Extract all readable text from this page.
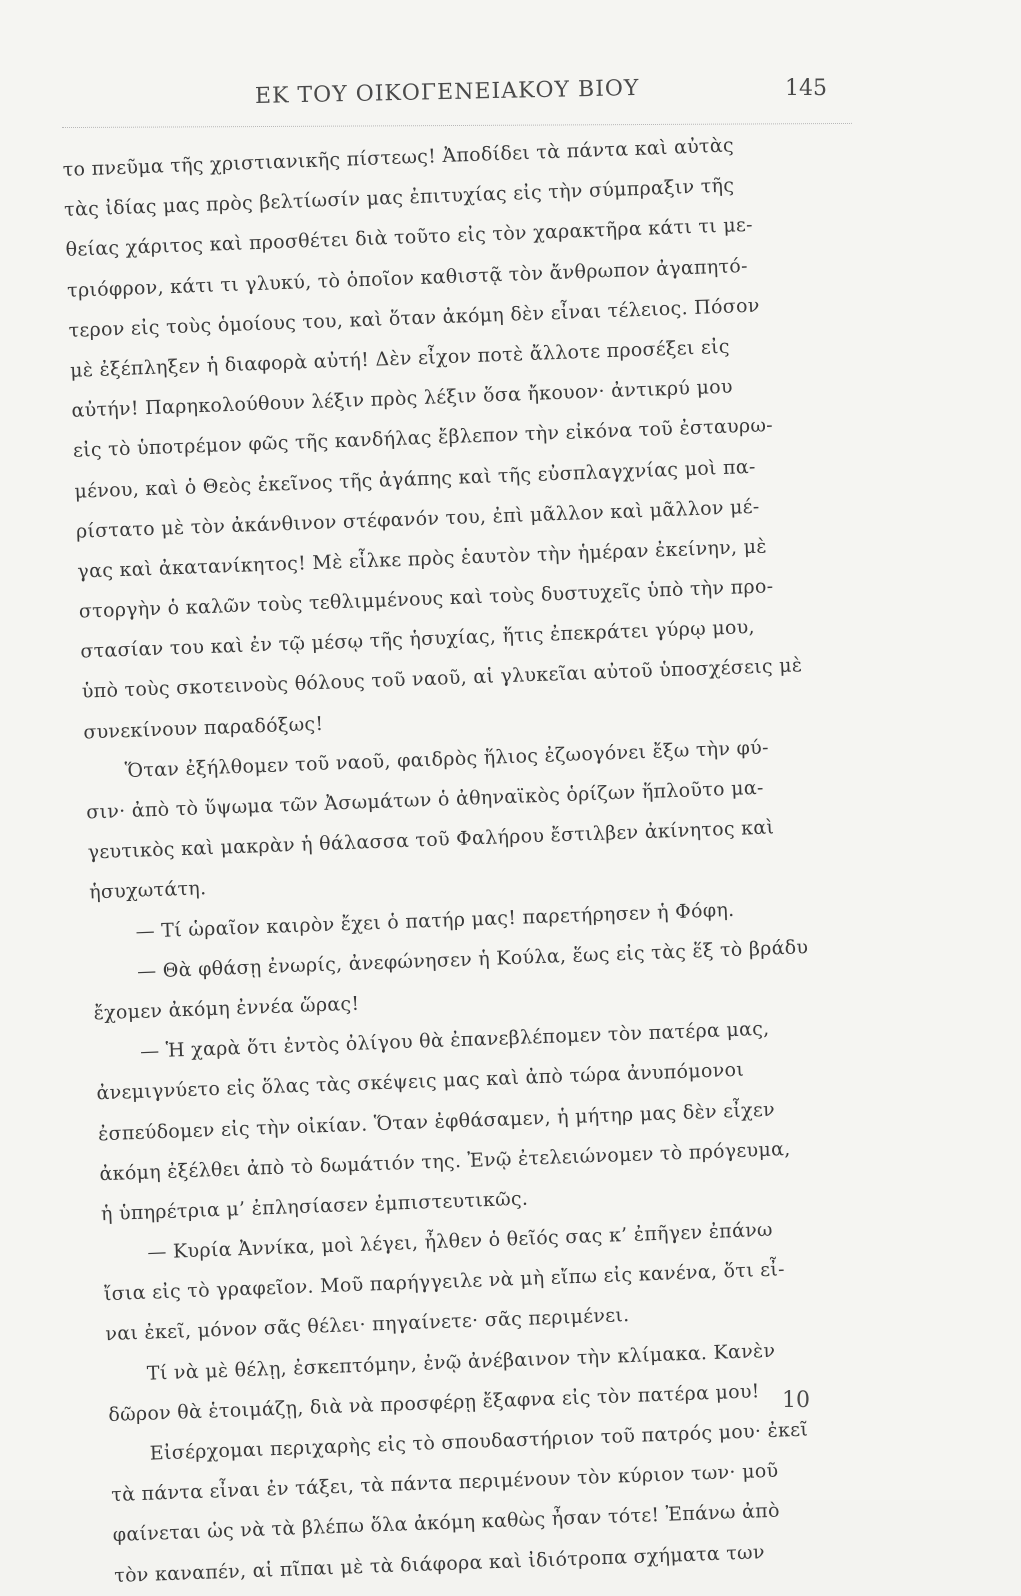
ΕΚ ΤΟΥ ΟΙΚΟΓΕΝΕΙΑΚΟΥ ΒΙΟΥ	145
το πνεῦμα τῆς χριστιανικῆς πίστεως! Ἀποδίδει τὰ πάντα καὶ αὐτὰς
τὰς ἰδίας μας πρὸς βελτίωσίν μας ἐπιτυχίας εἰς τὴν σύμπραξιν τῆς
θείας χάριτος καὶ προσθέτει διὰ τοῦτο εἰς τὸν χαρακτῆρα κάτι τι με-
τριόφρον, κάτι τι γλυκύ, τὸ ὁποῖον καθιστᾷ τὸν ἄνθρωπον ἀγαπητό-
τερον εἰς τοὺς ὁμοίους του, καὶ ὅταν ἀκόμη δὲν εἶναι τέλειος. Πόσον
μὲ ἐξέπληξεν ἡ διαφορὰ αὐτή! Δὲν εἶχον ποτὲ ἄλλοτε προσέξει εἰς
αὐτήν! Παρηκολούθουν λέξιν πρὸς λέξιν ὅσα ἤκουον· ἀντικρύ μου
εἰς τὸ ὑποτρέμον φῶς τῆς κανδήλας ἔβλεπον τὴν εἰκόνα τοῦ ἐσταυρω-
μένου, καὶ ὁ Θεὸς ἐκεῖνος τῆς ἀγάπης καὶ τῆς εὐσπλαγχνίας μοὶ πα-
ρίστατο μὲ τὸν ἀκάνθινον στέφανόν του, ἐπὶ μᾶλλον καὶ μᾶλλον μέ-
γας καὶ ἀκατανίκητος! Μὲ εἷλκε πρὸς ἑαυτὸν τὴν ἡμέραν ἐκείνην, μὲ
στοργὴν ὁ καλῶν τοὺς τεθλιμμένους καὶ τοὺς δυστυχεῖς ὑπὸ τὴν προ-
στασίαν του καὶ ἐν τῷ μέσῳ τῆς ἡσυχίας, ἥτις ἐπεκράτει γύρῳ μου,
ὑπὸ τοὺς σκοτεινοὺς θόλους τοῦ ναοῦ, αἱ γλυκεῖαι αὐτοῦ ὑποσχέσεις μὲ
συνεκίνουν παραδόξως!
Ὅταν ἐξήλθομεν τοῦ ναοῦ, φαιδρὸς ἥλιος ἐζωογόνει ἔξω τὴν φύ-
σιν· ἀπὸ τὸ ὕψωμα τῶν Ἀσωμάτων ὁ ἀθηναϊκὸς ὁρίζων ἥπλοῦτο μα-
γευτικὸς καὶ μακρὰν ἡ θάλασσα τοῦ Φαλήρου ἔστιλβεν ἀκίνητος καὶ
ἡσυχωτάτη.
— Τί ὡραῖον καιρὸν ἔχει ὁ πατήρ μας! παρετήρησεν ἡ Φόφη.
— Θὰ φθάσῃ ἐνωρίς, ἀνεφώνησεν ἡ Κούλα, ἕως εἰς τὰς ἕξ τὸ βράδυ
ἔχομεν ἀκόμη ἐννέα ὥρας!
— Ἡ χαρὰ ὅτι ἐντὸς ὀλίγου θὰ ἐπανεβλέπομεν τὸν πατέρα μας,
ἀνεμιγνύετο εἰς ὅλας τὰς σκέψεις μας καὶ ἀπὸ τώρα ἀνυπόμονοι
ἐσπεύδομεν εἰς τὴν οἰκίαν. Ὅταν ἐφθάσαμεν, ἡ μήτηρ μας δὲν εἶχεν
ἀκόμη ἐξέλθει ἀπὸ τὸ δωμάτιόν της. Ἐνῷ ἐτελειώνομεν τὸ πρόγευμα,
ἡ ὑπηρέτρια μ’ ἐπλησίασεν ἐμπιστευτικῶς.
— Κυρία Ἀννίκα, μοὶ λέγει, ἦλθεν ὁ θεῖός σας κ’ ἐπῆγεν ἐπάνω
ἴσια εἰς τὸ γραφεῖον. Μοῦ παρήγγειλε νὰ μὴ εἴπω εἰς κανένα, ὅτι εἶ-
ναι ἐκεῖ, μόνον σᾶς θέλει· πηγαίνετε· σᾶς περιμένει.
Τί νὰ μὲ θέλῃ, ἐσκεπτόμην, ἐνῷ ἀνέβαινον τὴν κλίμακα. Κανὲν
δῶρον θὰ ἑτοιμάζῃ, διὰ νὰ προσφέρῃ ἔξαφνα εἰς τὸν πατέρα μου!
Εἰσέρχομαι περιχαρὴς εἰς τὸ σπουδαστήριον τοῦ πατρός μου· ἐκεῖ
τὰ πάντα εἶναι ἐν τάξει, τὰ πάντα περιμένουν τὸν κύριον των· μοῦ
φαίνεται ὡς νὰ τὰ βλέπω ὅλα ἀκόμη καθὼς ἦσαν τότε! Ἐπάνω ἀπὸ
τὸν καναπέν, αἱ πῖπαι μὲ τὰ διάφορα καὶ ἰδιότροπα σχήματα των
10
